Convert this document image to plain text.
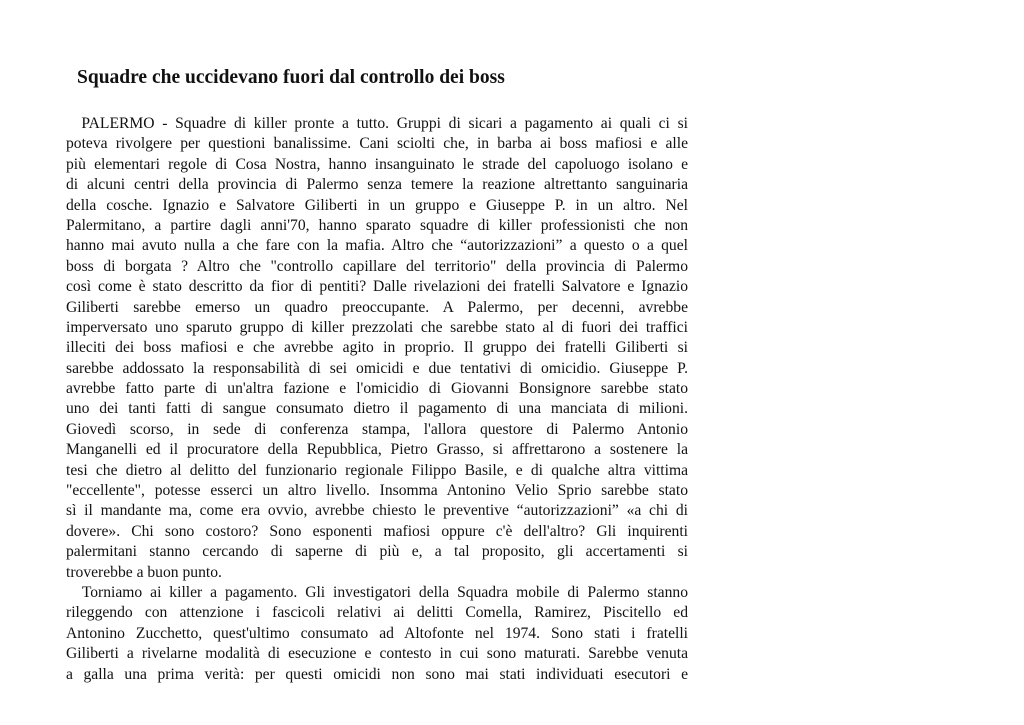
Squadre che uccidevano fuori dal controllo dei boss
PALERMO - Squadre di killer pronte a tutto. Gruppi di sicari a pagamento ai quali ci si
poteva rivolgere per questioni banalissime. Cani sciolti che, in barba ai boss mafiosi e alle
più elementari regole di Cosa Nostra, hanno insanguinato le strade del capoluogo isolano e
di alcuni centri della provincia di Palermo senza temere la reazione altrettanto sanguinaria
della cosche. Ignazio e Salvatore Giliberti in un gruppo e Giuseppe P. in un altro. Nel
Palermitano, a partire dagli anni'70, hanno sparato squadre di killer professionisti che non
hanno mai avuto nulla a che fare con la mafia. Altro che “autorizzazioni” a questo o a quel
boss di borgata ? Altro che "controllo capillare del territorio" della provincia di Palermo
così come è stato descritto da fior di pentiti? Dalle rivelazioni dei fratelli Salvatore e Ignazio
Giliberti sarebbe emerso un quadro preoccupante. A Palermo, per decenni, avrebbe
imperversato uno sparuto gruppo di killer prezzolati che sarebbe stato al di fuori dei traffici
illeciti dei boss mafiosi e che avrebbe agito in proprio. Il gruppo dei fratelli Giliberti si
sarebbe addossato la responsabilità di sei omicidi e due tentativi di omicidio. Giuseppe P.
avrebbe fatto parte di un'altra fazione e l'omicidio di Giovanni Bonsignore sarebbe stato
uno dei tanti fatti di sangue consumato dietro il pagamento di una manciata di milioni.
Giovedì scorso, in sede di conferenza stampa, l'allora questore di Palermo Antonio
Manganelli ed il procuratore della Repubblica, Pietro Grasso, si affrettarono a sostenere la
tesi che dietro al delitto del funzionario regionale Filippo Basile, e di qualche altra vittima
"eccellente", potesse esserci un altro livello. Insomma Antonino Velio Sprio sarebbe stato
sì il mandante ma, come era ovvio, avrebbe chiesto le preventive “autorizzazioni” «a chi di
dovere». Chi sono costoro? Sono esponenti mafiosi oppure c'è dell'altro? Gli inquirenti
palermitani stanno cercando di saperne di più e, a tal proposito, gli accertamenti si
troverebbe a buon punto.
Torniamo ai killer a pagamento. Gli investigatori della Squadra mobile di Palermo stanno
rileggendo con attenzione i fascicoli relativi ai delitti Comella, Ramirez, Piscitello ed
Antonino Zucchetto, quest'ultimo consumato ad Altofonte nel 1974. Sono stati i fratelli
Giliberti a rivelarne modalità di esecuzione e contesto in cui sono maturati. Sarebbe venuta
a galla una prima verità: per questi omicidi non sono mai stati individuati esecutori e
